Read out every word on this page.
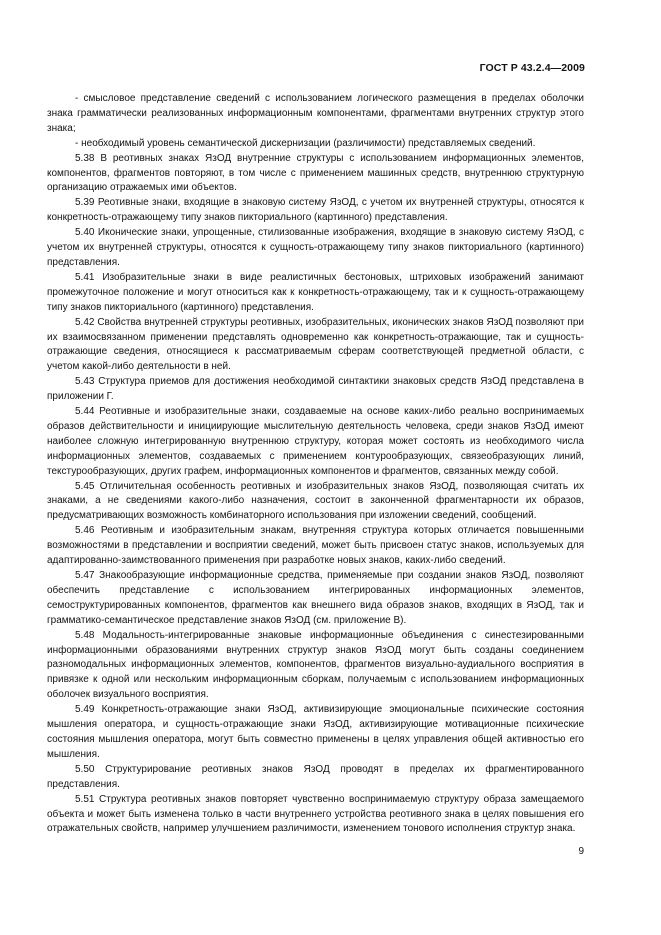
ГОСТ Р 43.2.4—2009

- смысловое представление сведений с использованием логического размещения в пределах оболочки знака грамматически реализованных информационным компонентами, фрагментами внутренних структур этого знака;

- необходимый уровень семантической дискернизации (различимости) представляемых сведений.

5.38 В реотивных знаках ЯзОД внутренние структуры с использованием информационных элементов, компонентов, фрагментов повторяют, в том числе с применением машинных средств, внутреннюю структурную организацию отражаемых ими объектов.

5.39 Реотивные знаки, входящие в знаковую систему ЯзОД, с учетом их внутренней структуры, относятся к конкретность-отражающему типу знаков пикториального (картинного) представления.

5.40 Иконические знаки, упрощенные, стилизованные изображения, входящие в знаковую систему ЯзОД, с учетом их внутренней структуры, относятся к сущность-отражающему типу знаков пикториального (картинного) представления.

5.41 Изобразительные знаки в виде реалистичных бестоновых, штриховых изображений занимают промежуточное положение и могут относиться как к конкретность-отражающему, так и к сущность-отражающему типу знаков пикториального (картинного) представления.

5.42 Свойства внутренней структуры реотивных, изобразительных, иконических знаков ЯзОД позволяют при их взаимосвязанном применении представлять одновременно как конкретность-отражающие, так и сущность-отражающие сведения, относящиеся к рассматриваемым сферам соответствующей предметной области, с учетом какой-либо деятельности в ней.

5.43 Структура приемов для достижения необходимой синтактики знаковых средств ЯзОД представлена в приложении Г.

5.44 Реотивные и изобразительные знаки, создаваемые на основе каких-либо реально воспринимаемых образов действительности и инициирующие мыслительную деятельность человека, среди знаков ЯзОД имеют наиболее сложную интегрированную внутреннюю структуру, которая может состоять из необходимого числа информационных элементов, создаваемых с применением контурообразующих, связеобразующих линий, текстурообразующих, других графем, информационных компонентов и фрагментов, связанных между собой.

5.45 Отличительная особенность реотивных и изобразительных знаков ЯзОД, позволяющая считать их знаками, а не сведениями какого-либо назначения, состоит в законченной фрагментарности их образов, предусматривающих возможность комбинаторного использования при изложении сведений, сообщений.

5.46 Реотивным и изобразительным знакам, внутренняя структура которых отличается повышенными возможностями в представлении и восприятии сведений, может быть присвоен статус знаков, используемых для адаптированно-заимствованного применения при разработке новых знаков, каких-либо сведений.

5.47 Знакообразующие информационные средства, применяемые при создании знаков ЯзОД, позволяют обеспечить представление с использованием интегрированных информационных элементов, семоструктурированных компонентов, фрагментов как внешнего вида образов знаков, входящих в ЯзОД, так и грамматико-семантическое представление знаков ЯзОД (см. приложение В).

5.48 Модальность-интегрированные знаковые информационные объединения с синестезированными информационными образованиями внутренних структур знаков ЯзОД могут быть созданы соединением разномодальных информационных элементов, компонентов, фрагментов визуально-аудиального восприятия в привязке к одной или нескольким информационным сборкам, получаемым с использованием информационных оболочек визуального восприятия.

5.49 Конкретность-отражающие знаки ЯзОД, активизирующие эмоциональные психические состояния мышления оператора, и сущность-отражающие знаки ЯзОД, активизирующие мотивационные психические состояния мышления оператора, могут быть совместно применены в целях управления общей активностью его мышления.

5.50 Структурирование реотивных знаков ЯзОД проводят в пределах их фрагментированного представления.

5.51 Структура реотивных знаков повторяет чувственно воспринимаемую структуру образа замещаемого объекта и может быть изменена только в части внутреннего устройства реотивного знака в целях повышения его отражательных свойств, например улучшением различимости, изменением тонового исполнения структур знака.

9
